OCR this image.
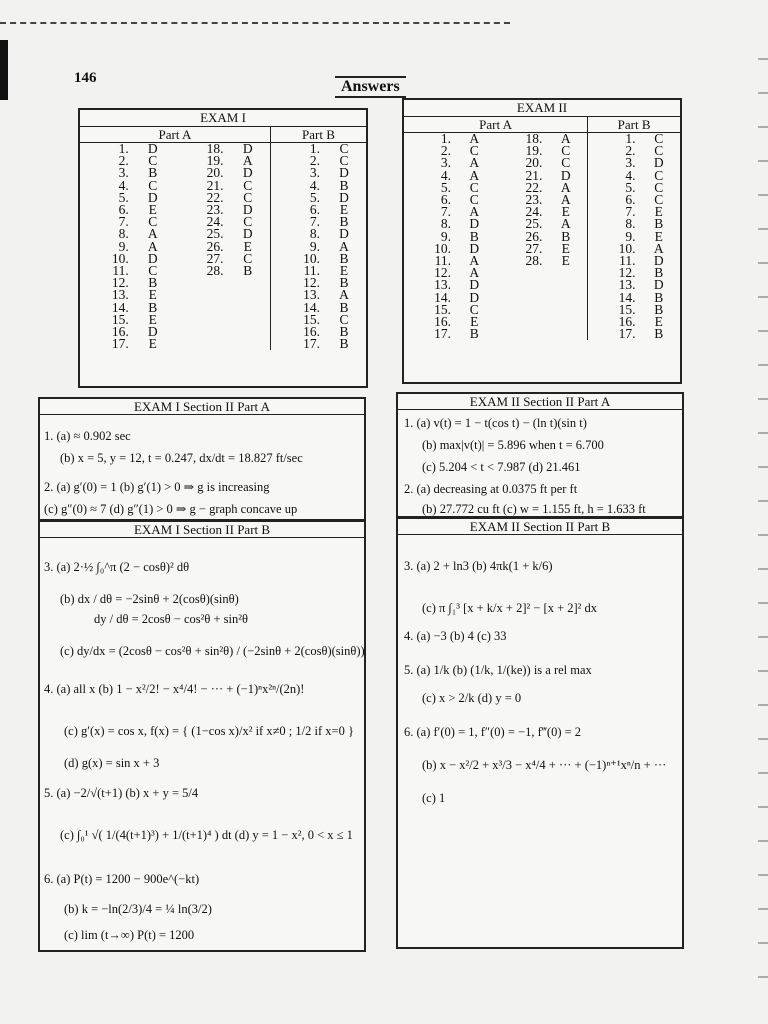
146	Answers
EXAM I
Part A				Part B	
1.	D	18.	D	1.	C
2.	C	19.	A	2.	C
3.	B	20.	D	3.	D
4.	C	21.	C	4.	B
5.	D	22.	C	5.	D
6.	E	23.	D	6.	E
7.	C	24.	C	7.	B
8.	A	25.	D	8.	D
9.	A	26.	E	9.	A
10.	D	27.	C	10.	B
11.	C	28.	B	11.	E
12.	B			12.	B
13.	E			13.	A
14.	B			14.	B
15.	E			15.	C
16.	D			16.	B
17.	E			17.	B
EXAM II
Part A				Part B	
1.	A	18.	A	1.	C
2.	C	19.	C	2.	C
3.	A	20.	C	3.	D
4.	A	21.	D	4.	C
5.	C	22.	A	5.	C
6.	C	23.	A	6.	C
7.	A	24.	E	7.	E
8.	D	25.	A	8.	B
9.	B	26.	B	9.	E
10.	D	27.	E	10.	A
11.	A	28.	E	11.	D
12.	A			12.	B
13.	D			13.	D
14.	D			14.	B
15.	C			15.	B
16.	E			16.	E
17.	B			17.	B
EXAM I Section II Part A
1. (a) ≈ 0.902 sec
(b) x = 5, y = 12, t = 0.247, dx/dt = 18.827 ft/sec
2. (a) g′(0) = 1 (b) g′(1) > 0 ⇒ g is increasing
(c) g″(0) ≈ 7 (d) g″(1) > 0 ⇒ g − graph concave up
EXAM I Section II Part B
3. (a) 2·½ ∫₀^π (2 − cosθ)² dθ
(b) dx / dθ = −2sinθ + 2(cosθ)(sinθ)
dy / dθ = 2cosθ − cos²θ + sin²θ
(c) dy/dx = (2cosθ − cos²θ + sin²θ) / (−2sinθ + 2(cosθ)(sinθ))
4. (a) all x (b) 1 − x²/2! − x⁴/4! − ··· + (−1)ⁿx²ⁿ/(2n)!
(c) g′(x) = cos x, f(x) = { (1−cos x)/x² if x≠0 ; 1/2 if x=0 }
(d) g(x) = sin x + 3
5. (a) −2/√(t+1) (b) x + y = 5/4
(c) ∫₀¹ √( 1/(4(t+1)³) + 1/(t+1)⁴ ) dt (d) y = 1 − x², 0 < x ≤ 1
6. (a) P(t) = 1200 − 900e^(−kt)
(b) k = −ln(2/3)/4 = ¼ ln(3/2)
(c) lim (t→∞) P(t) = 1200
EXAM II Section II Part A
1. (a) v(t) = 1 − t(cos t) − (ln t)(sin t)
(b) max|v(t)| = 5.896 when t = 6.700
(c) 5.204 < t < 7.987 (d) 21.461
2. (a) decreasing at 0.0375 ft per ft
(b) 27.772 cu ft (c) w = 1.155 ft, h = 1.633 ft
EXAM II Section II Part B
3. (a) 2 + ln3 (b) 4πk(1 + k/6)
(c) π ∫₁³ [x + k/x + 2]² − [x + 2]² dx
4. (a) −3 (b) 4 (c) 33
5. (a) 1/k (b) (1/k, 1/(ke)) is a rel max
(c) x > 2/k (d) y = 0
6. (a) f′(0) = 1, f″(0) = −1, f‴(0) = 2
(b) x − x²/2 + x³/3 − x⁴/4 + ··· + (−1)ⁿ⁺¹xⁿ/n + ···
(c) 1
